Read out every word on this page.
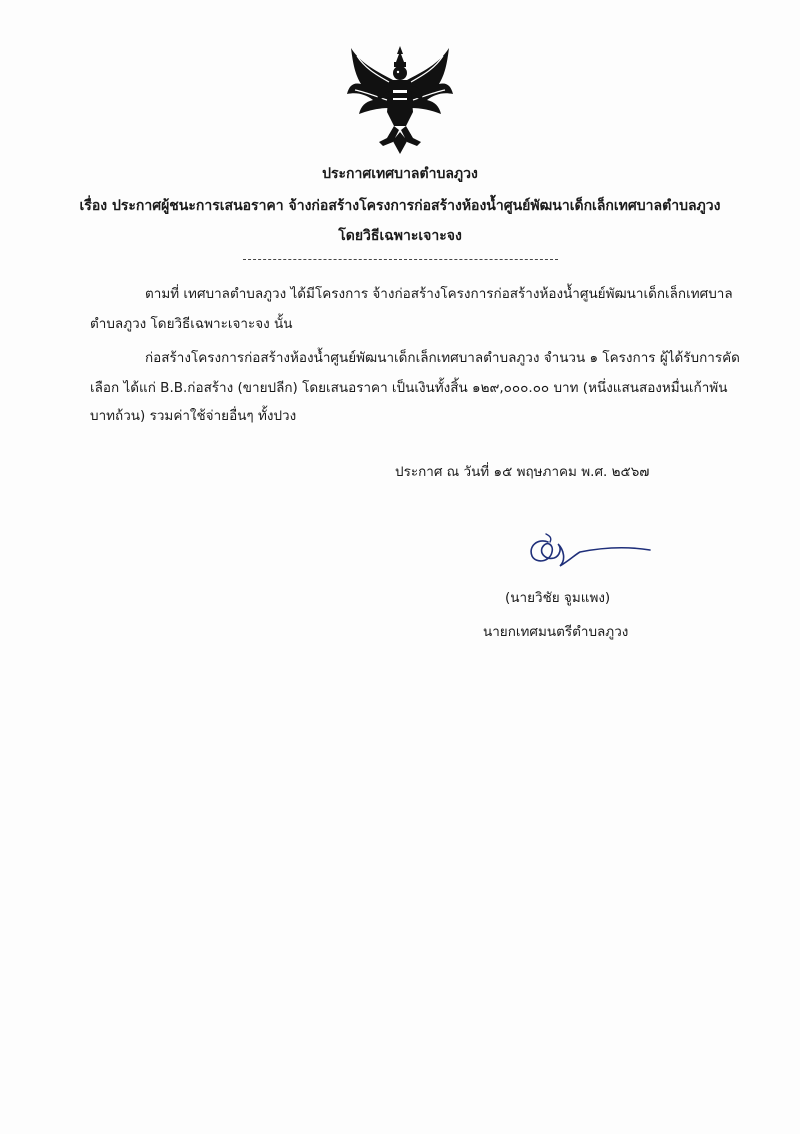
ประกาศเทศบาลตำบลภูวง
เรื่อง ประกาศผู้ชนะการเสนอราคา จ้างก่อสร้างโครงการก่อสร้างห้องน้ำศูนย์พัฒนาเด็กเล็กเทศบาลตำบลภูวง
โดยวิธีเฉพาะเจาะจง
ตามที่ เทศบาลตำบลภูวง ได้มีโครงการ จ้างก่อสร้างโครงการก่อสร้างห้องน้ำศูนย์พัฒนาเด็กเล็กเทศบาล
ตำบลภูวง โดยวิธีเฉพาะเจาะจง นั้น
ก่อสร้างโครงการก่อสร้างห้องน้ำศูนย์พัฒนาเด็กเล็กเทศบาลตำบลภูวง จำนวน ๑ โครงการ ผู้ได้รับการคัด
เลือก ได้แก่ B.B.ก่อสร้าง (ขายปลีก) โดยเสนอราคา เป็นเงินทั้งสิ้น ๑๒๙,๐๐๐.๐๐ บาท (หนึ่งแสนสองหมื่นเก้าพัน
บาทถ้วน) รวมค่าใช้จ่ายอื่นๆ ทั้งปวง
ประกาศ ณ วันที่ ๑๕ พฤษภาคม พ.ศ. ๒๕๖๗
(นายวิชัย จูมแพง)
นายกเทศมนตรีตำบลภูวง
